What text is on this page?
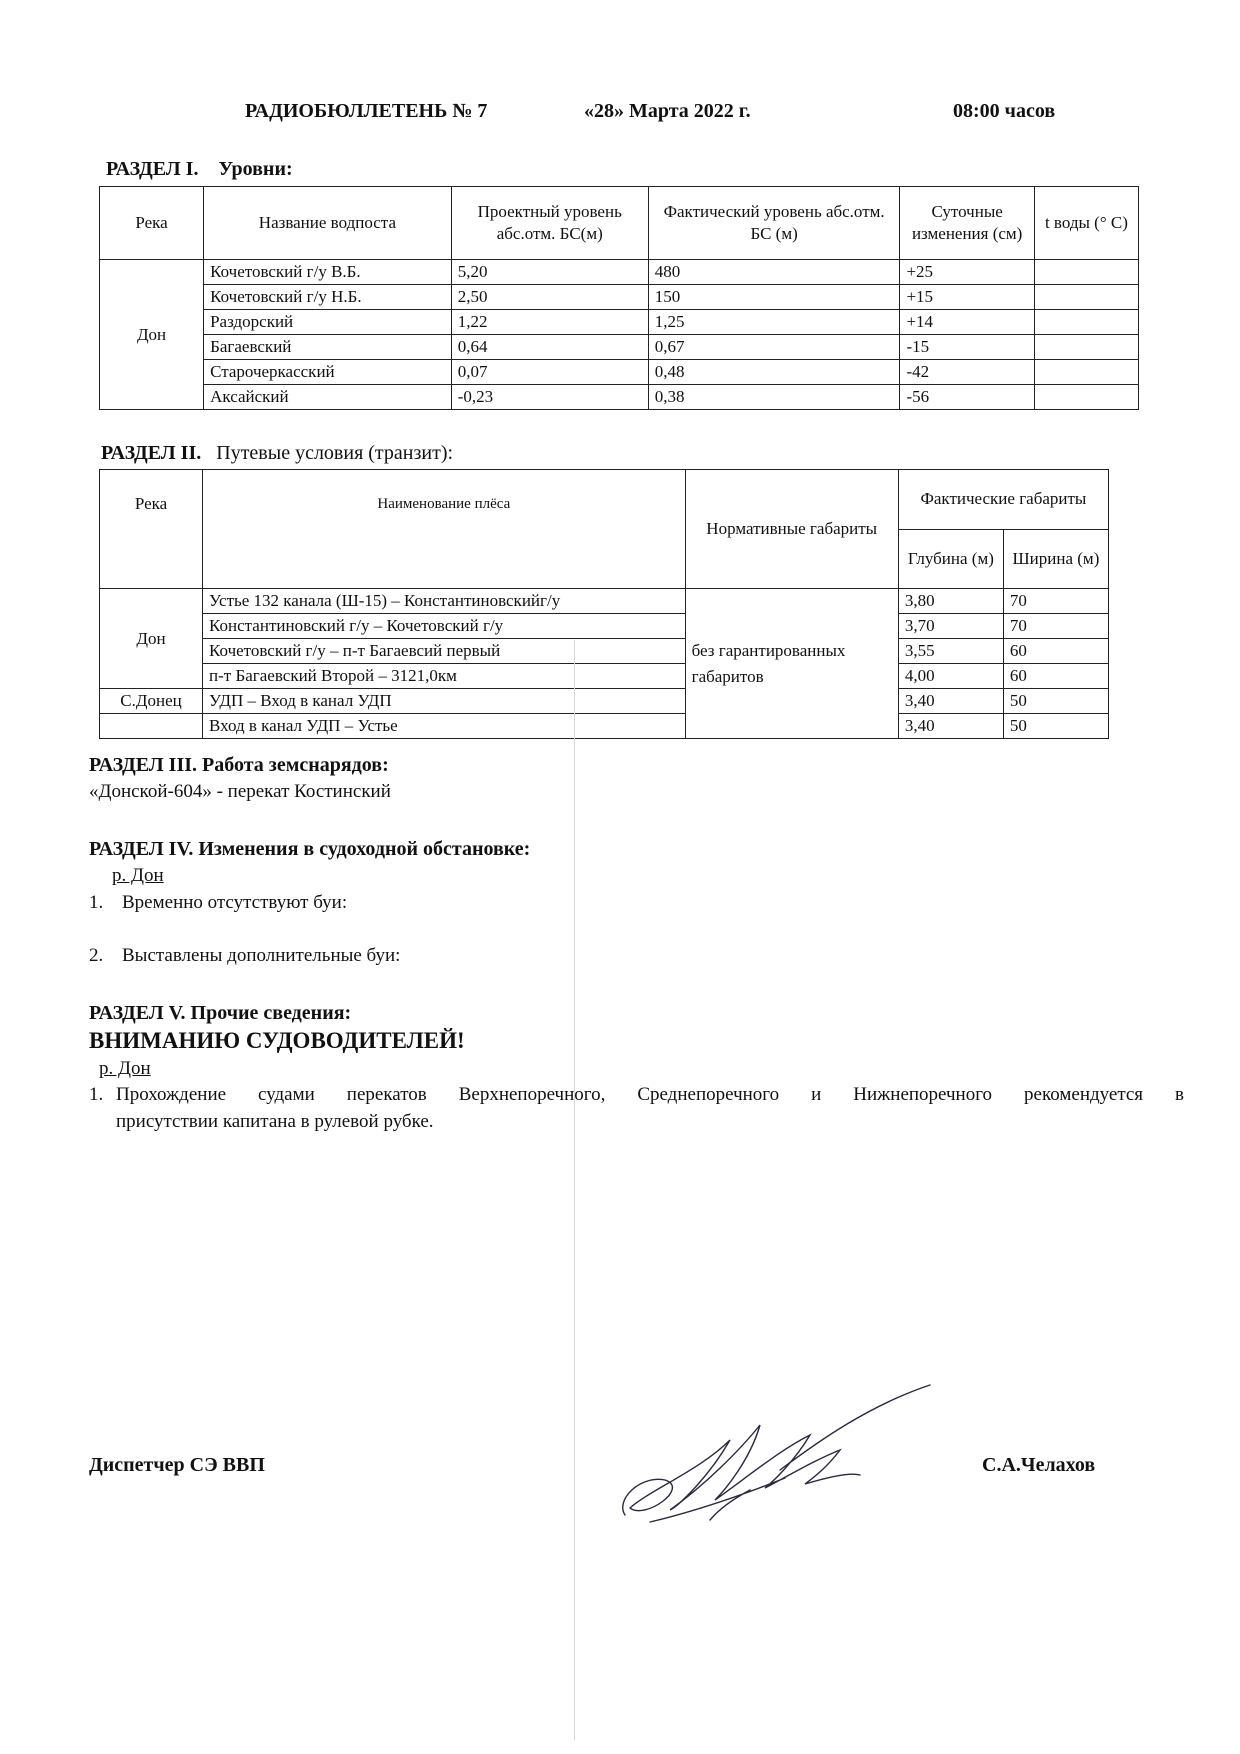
РАДИОБЮЛЛЕТЕНЬ № 7	«28» Марта 2022 г.	08:00 часов
РАЗДЕЛ I. Уровни:
Река	Название водпоста	Проектный уровень абс.отм. БС(м)	Фактический уровень абс.отм. БС (м)	Суточные изменения (см)	t воды (° С)
Дон	Кочетовский г/у В.Б.	5,20	480	+25	
	Кочетовский г/у Н.Б.	2,50	150	+15	
	Раздорский	1,22	1,25	+14	
	Багаевский	0,64	0,67	-15	
	Старочеркасский	0,07	0,48	-42	
	Аксайский	-0,23	0,38	-56	
РАЗДЕЛ II. Путевые условия (транзит):
Река	Наименование плёса	Нормативные габариты	Фактические габариты	
			Глубина (м)	Ширина (м)
Дон	Устье 132 канала (Ш-15) – Константиновскийг/у	без гарантированных габаритов	3,80	70
	Константиновский г/у – Кочетовский г/у		3,70	70
	Кочетовский г/у – п-т Багаевсий первый		3,55	60
	п-т Багаевский Второй – 3121,0км		4,00	60
С.Донец	УДП – Вход в канал УДП		3,40	50
	Вход в канал УДП – Устье		3,40	50
РАЗДЕЛ III. Работа земснарядов:
«Донской-604» - перекат Костинский
РАЗДЕЛ IV. Изменения в судоходной обстановке:
р. Дон
1. Временно отсутствуют буи:
2. Выставлены дополнительные буи:
РАЗДЕЛ V. Прочие сведения:
ВНИМАНИЮ СУДОВОДИТЕЛЕЙ!
р. Дон
1. Прохождение судами перекатов Верхнепоречного, Среднепоречного и Нижнепоречного рекомендуется в
присутствии капитана в рулевой рубке.
Диспетчер СЭ ВВП	С.А.Челахов
